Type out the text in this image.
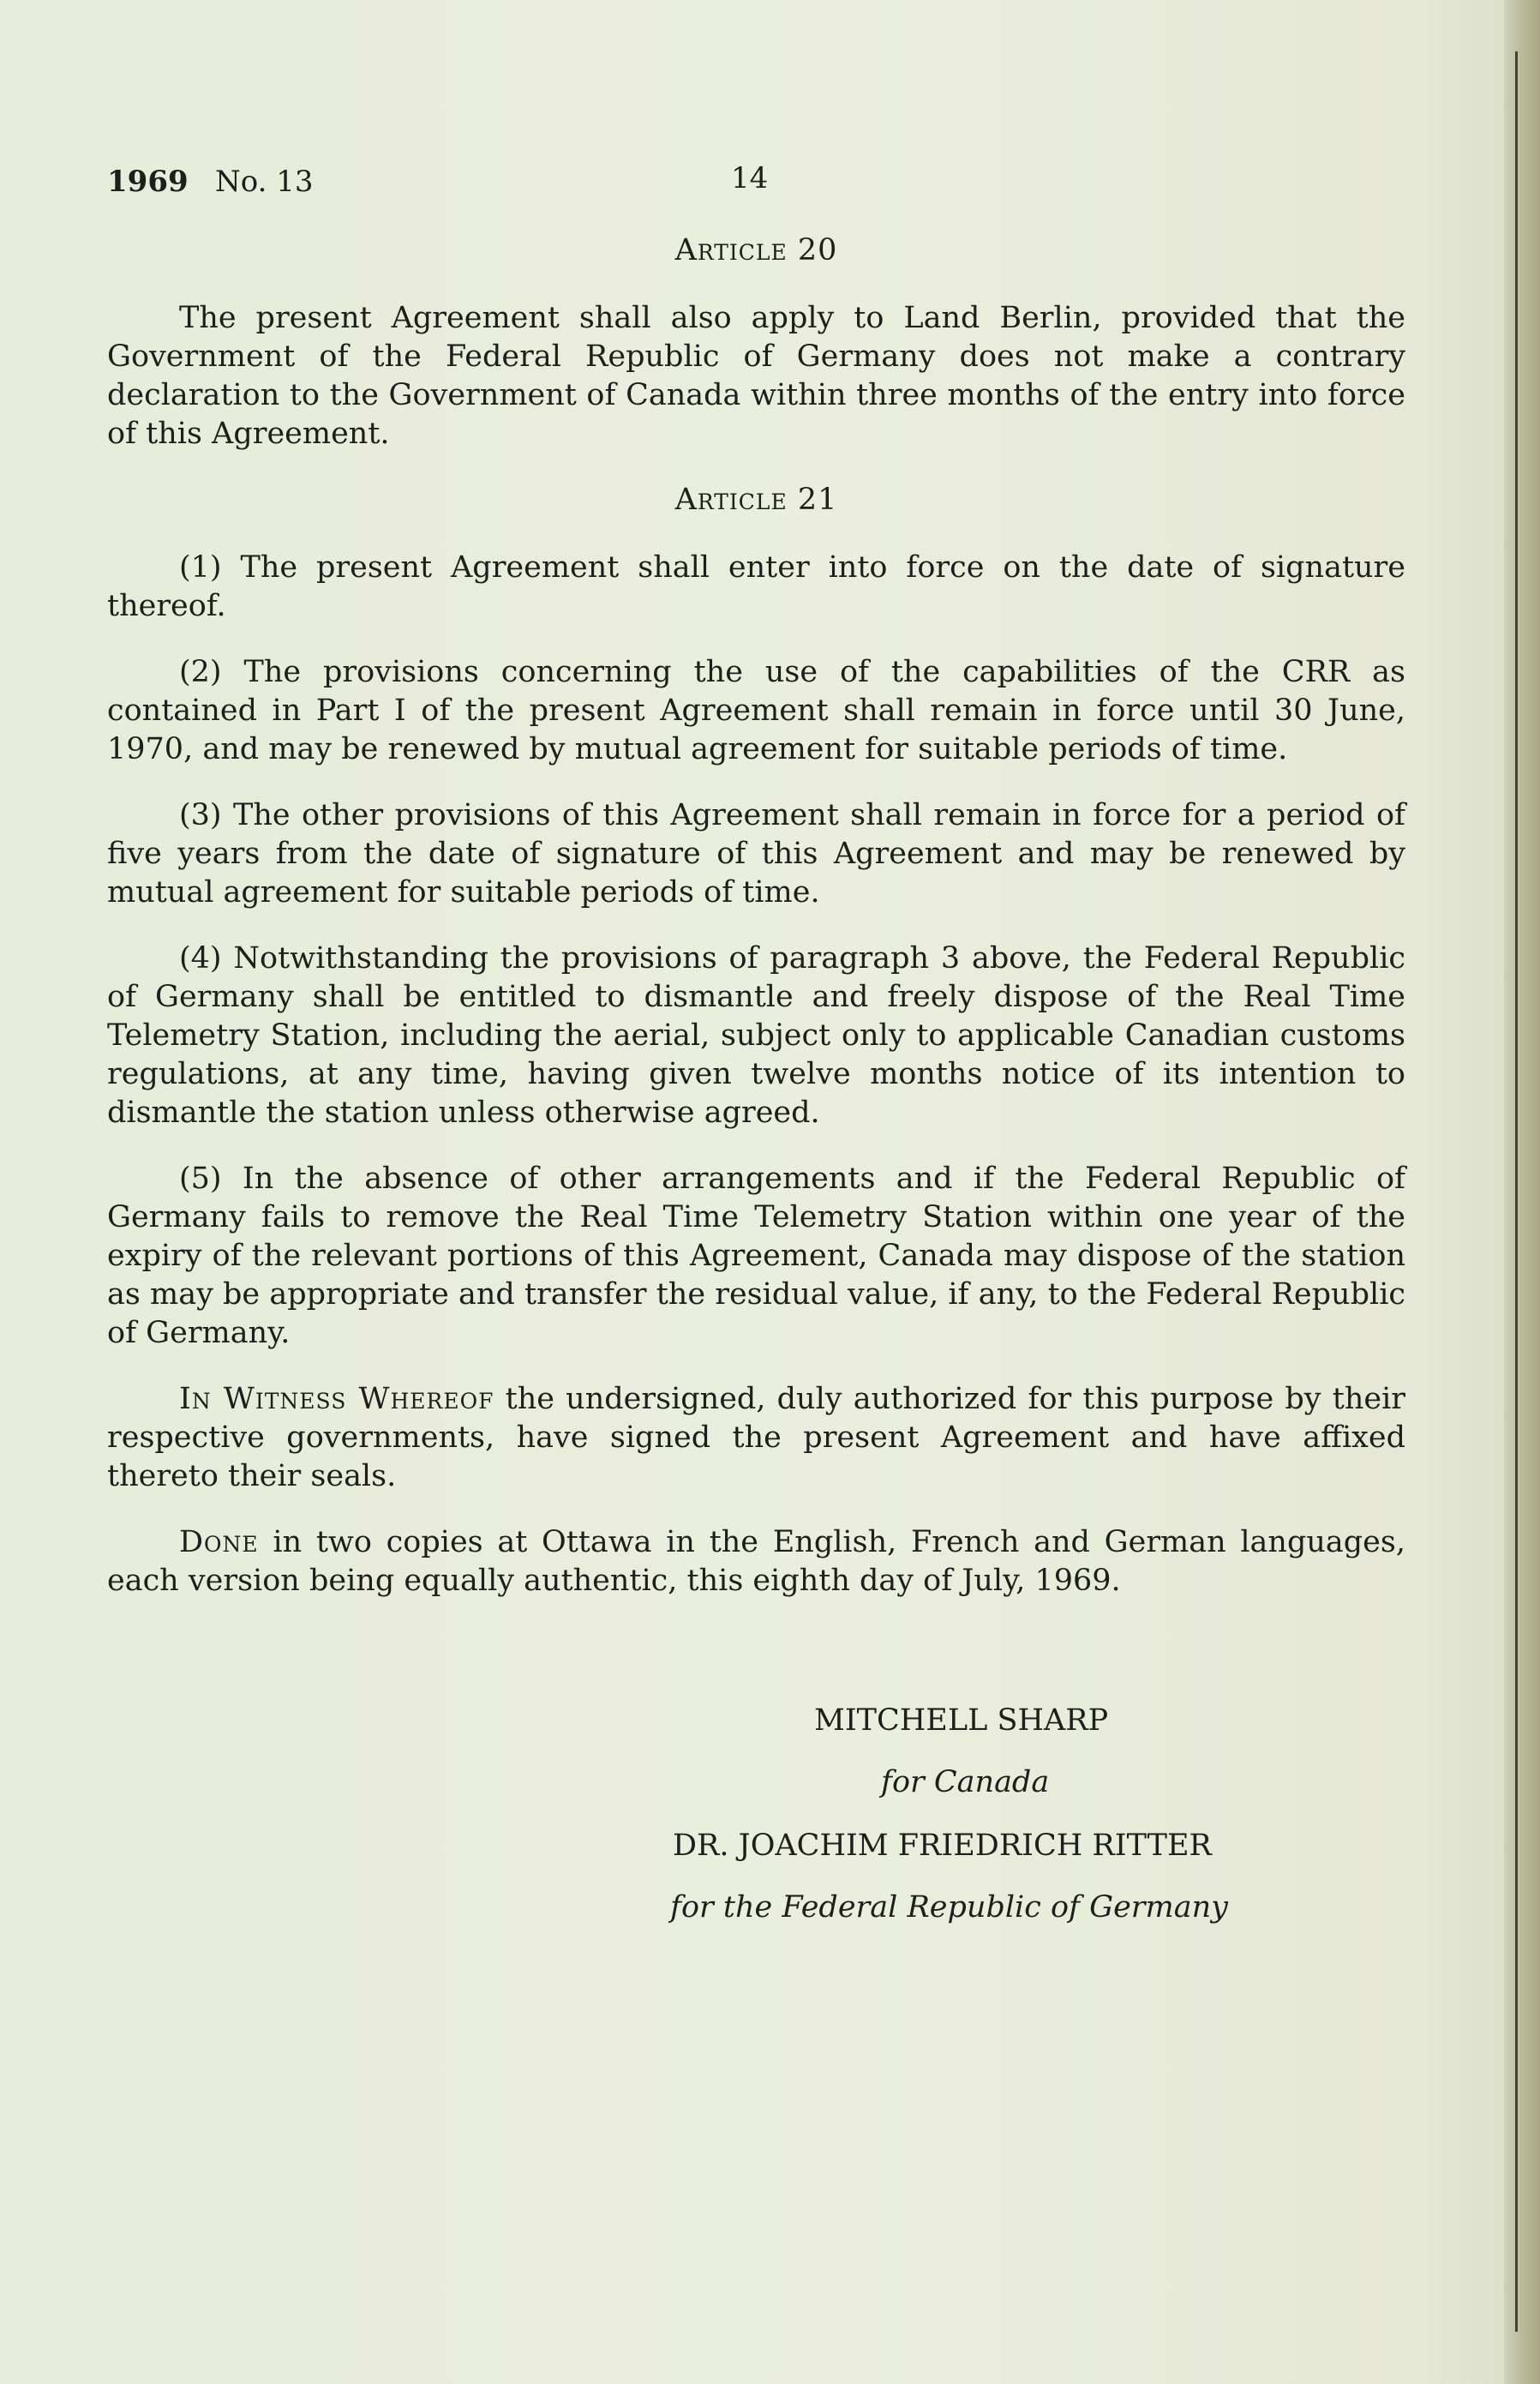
1969 No. 13	14
Article 20

The present Agreement shall also apply to Land Berlin, provided that the Government of the Federal Republic of Germany does not make a contrary declaration to the Government of Canada within three months of the entry into force of this Agreement.

Article 21

(1) The present Agreement shall enter into force on the date of signature thereof.

(2) The provisions concerning the use of the capabilities of the CRR as contained in Part I of the present Agreement shall remain in force until 30 June, 1970, and may be renewed by mutual agreement for suitable periods of time.

(3) The other provisions of this Agreement shall remain in force for a period of five years from the date of signature of this Agreement and may be renewed by mutual agreement for suitable periods of time.

(4) Notwithstanding the provisions of paragraph 3 above, the Federal Republic of Germany shall be entitled to dismantle and freely dispose of the Real Time Telemetry Station, including the aerial, subject only to applicable Canadian customs regulations, at any time, having given twelve months notice of its intention to dismantle the station unless otherwise agreed.

(5) In the absence of other arrangements and if the Federal Republic of Germany fails to remove the Real Time Telemetry Station within one year of the expiry of the relevant portions of this Agreement, Canada may dispose of the station as may be appropriate and transfer the residual value, if any, to the Federal Republic of Germany.

In Witness Whereof the undersigned, duly authorized for this purpose by their respective governments, have signed the present Agreement and have affixed thereto their seals.

Done in two copies at Ottawa in the English, French and German languages, each version being equally authentic, this eighth day of July, 1969.

MITCHELL SHARP
for Canada
DR. JOACHIM FRIEDRICH RITTER
for the Federal Republic of Germany
